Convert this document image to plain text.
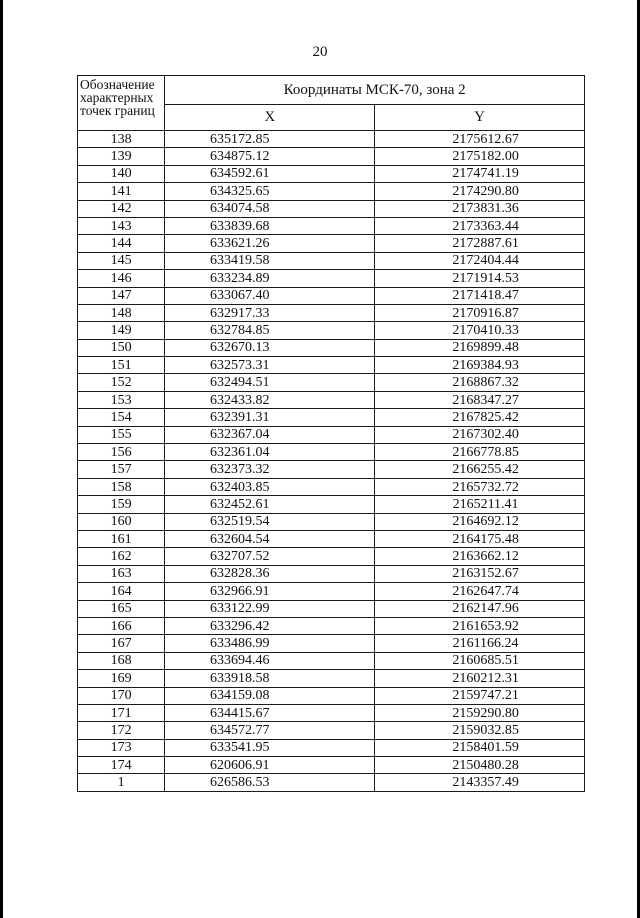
20
Обозначение характерных точек границ	Координаты МСК-70, зона 2	
	X	Y
138	635172.85	2175612.67
139	634875.12	2175182.00
140	634592.61	2174741.19
141	634325.65	2174290.80
142	634074.58	2173831.36
143	633839.68	2173363.44
144	633621.26	2172887.61
145	633419.58	2172404.44
146	633234.89	2171914.53
147	633067.40	2171418.47
148	632917.33	2170916.87
149	632784.85	2170410.33
150	632670.13	2169899.48
151	632573.31	2169384.93
152	632494.51	2168867.32
153	632433.82	2168347.27
154	632391.31	2167825.42
155	632367.04	2167302.40
156	632361.04	2166778.85
157	632373.32	2166255.42
158	632403.85	2165732.72
159	632452.61	2165211.41
160	632519.54	2164692.12
161	632604.54	2164175.48
162	632707.52	2163662.12
163	632828.36	2163152.67
164	632966.91	2162647.74
165	633122.99	2162147.96
166	633296.42	2161653.92
167	633486.99	2161166.24
168	633694.46	2160685.51
169	633918.58	2160212.31
170	634159.08	2159747.21
171	634415.67	2159290.80
172	634572.77	2159032.85
173	633541.95	2158401.59
174	620606.91	2150480.28
1	626586.53	2143357.49
